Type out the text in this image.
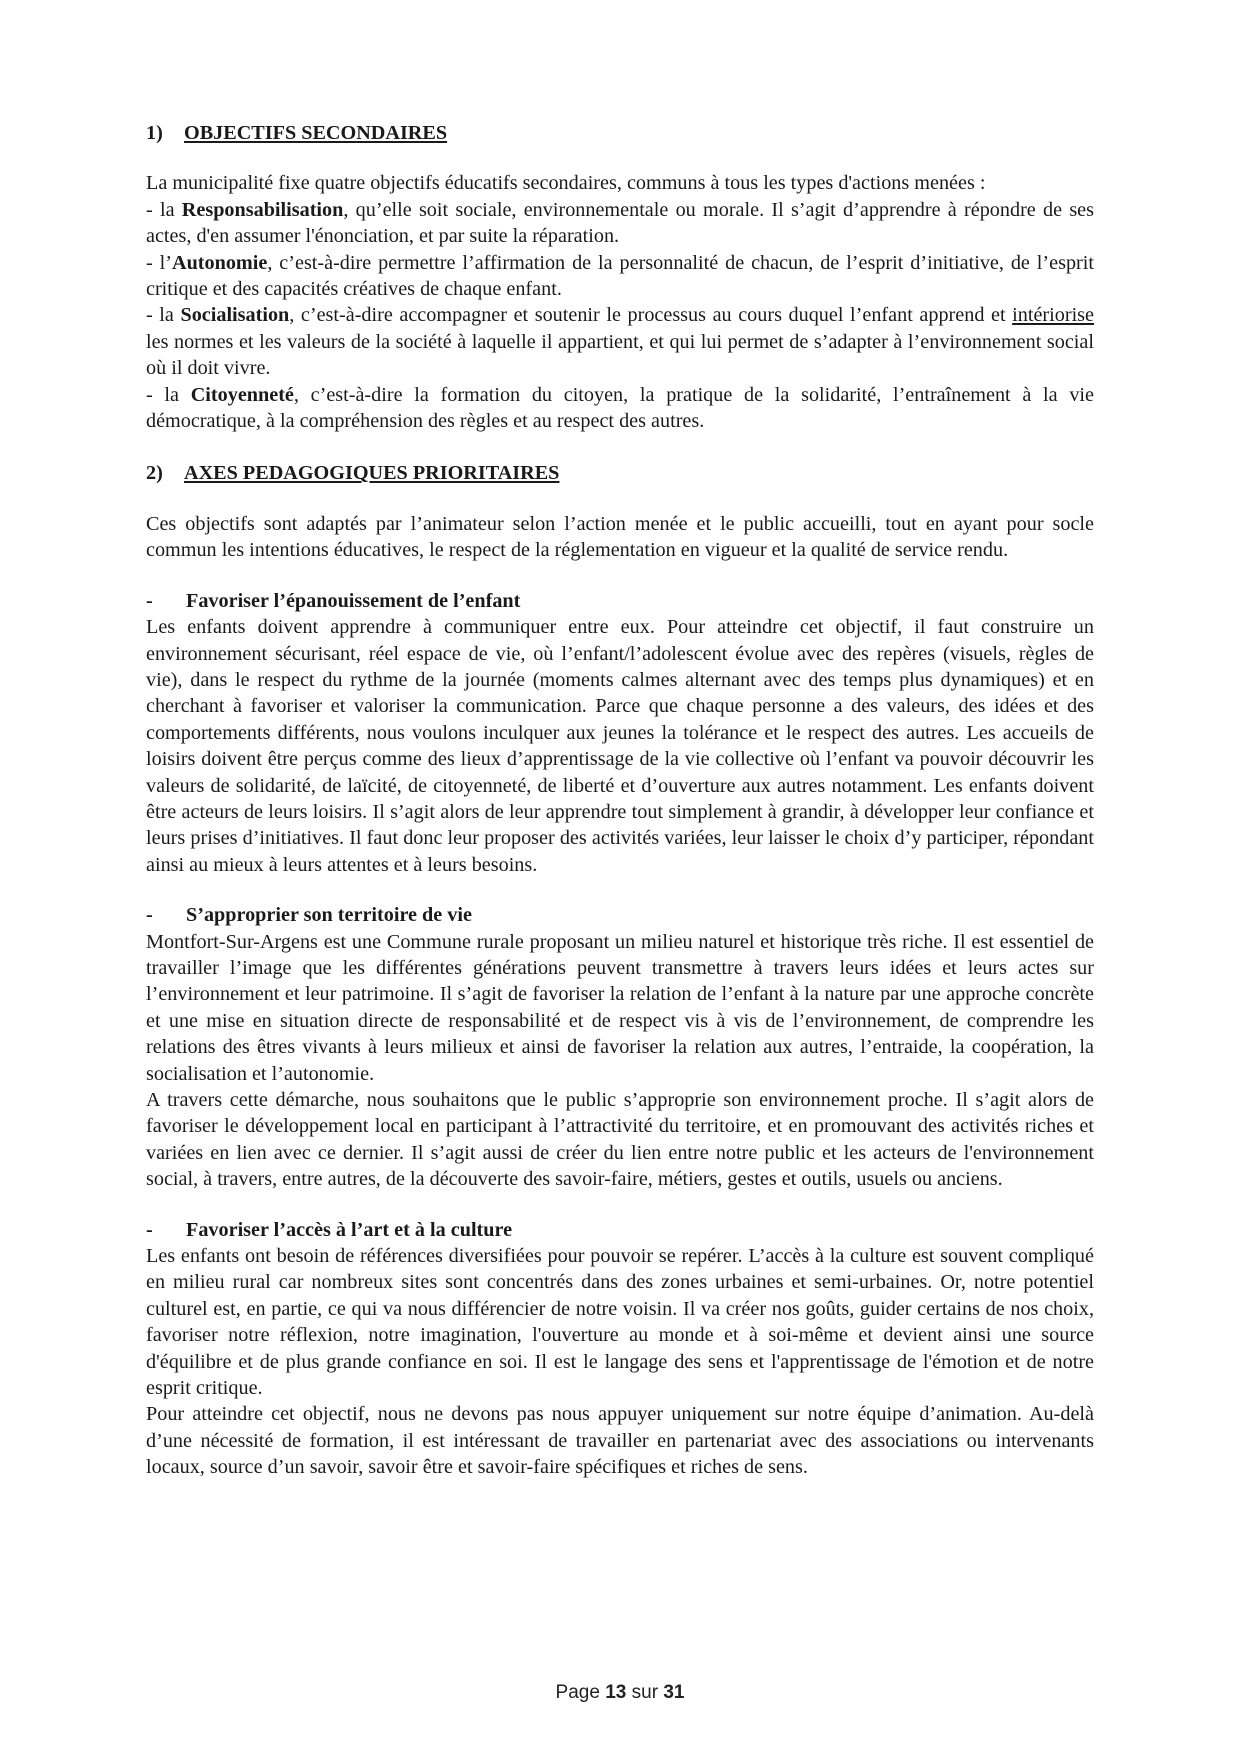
1) OBJECTIFS SECONDAIRES

La municipalité fixe quatre objectifs éducatifs secondaires, communs à tous les types d'actions menées :

- la Responsabilisation, qu’elle soit sociale, environnementale ou morale. Il s’agit d’apprendre à répondre de ses actes, d'en assumer l'énonciation, et par suite la réparation.

- l’Autonomie, c’est-à-dire permettre l’affirmation de la personnalité de chacun, de l’esprit d’initiative, de l’esprit critique et des capacités créatives de chaque enfant.

- la Socialisation, c’est-à-dire accompagner et soutenir le processus au cours duquel l’enfant apprend et intériorise les normes et les valeurs de la société à laquelle il appartient, et qui lui permet de s’adapter à l’environnement social où il doit vivre.

- la Citoyenneté, c’est-à-dire la formation du citoyen, la pratique de la solidarité, l’entraînement à la vie démocratique, à la compréhension des règles et au respect des autres.

2) AXES PEDAGOGIQUES PRIORITAIRES

Ces objectifs sont adaptés par l’animateur selon l’action menée et le public accueilli, tout en ayant pour socle commun les intentions éducatives, le respect de la réglementation en vigueur et la qualité de service rendu.

- Favoriser l’épanouissement de l’enfant

Les enfants doivent apprendre à communiquer entre eux. Pour atteindre cet objectif, il faut construire un environnement sécurisant, réel espace de vie, où l’enfant/l’adolescent évolue avec des repères (visuels, règles de vie), dans le respect du rythme de la journée (moments calmes alternant avec des temps plus dynamiques) et en cherchant à favoriser et valoriser la communication. Parce que chaque personne a des valeurs, des idées et des comportements différents, nous voulons inculquer aux jeunes la tolérance et le respect des autres. Les accueils de loisirs doivent être perçus comme des lieux d’apprentissage de la vie collective où l’enfant va pouvoir découvrir les valeurs de solidarité, de laïcité, de citoyenneté, de liberté et d’ouverture aux autres notamment. Les enfants doivent être acteurs de leurs loisirs. Il s’agit alors de leur apprendre tout simplement à grandir, à développer leur confiance et leurs prises d’initiatives. Il faut donc leur proposer des activités variées, leur laisser le choix d’y participer, répondant ainsi au mieux à leurs attentes et à leurs besoins.

- S’approprier son territoire de vie

Montfort-Sur-Argens est une Commune rurale proposant un milieu naturel et historique très riche. Il est essentiel de travailler l’image que les différentes générations peuvent transmettre à travers leurs idées et leurs actes sur l’environnement et leur patrimoine. Il s’agit de favoriser la relation de l’enfant à la nature par une approche concrète et une mise en situation directe de responsabilité et de respect vis à vis de l’environnement, de comprendre les relations des êtres vivants à leurs milieux et ainsi de favoriser la relation aux autres, l’entraide, la coopération, la socialisation et l’autonomie.

A travers cette démarche, nous souhaitons que le public s’approprie son environnement proche. Il s’agit alors de favoriser le développement local en participant à l’attractivité du territoire, et en promouvant des activités riches et variées en lien avec ce dernier. Il s’agit aussi de créer du lien entre notre public et les acteurs de l'environnement social, à travers, entre autres, de la découverte des savoir-faire, métiers, gestes et outils, usuels ou anciens.

- Favoriser l’accès à l’art et à la culture

Les enfants ont besoin de références diversifiées pour pouvoir se repérer. L’accès à la culture est souvent compliqué en milieu rural car nombreux sites sont concentrés dans des zones urbaines et semi-urbaines. Or, notre potentiel culturel est, en partie, ce qui va nous différencier de notre voisin. Il va créer nos goûts, guider certains de nos choix, favoriser notre réflexion, notre imagination, l'ouverture au monde et à soi-même et devient ainsi une source d'équilibre et de plus grande confiance en soi. Il est le langage des sens et l'apprentissage de l'émotion et de notre esprit critique.

Pour atteindre cet objectif, nous ne devons pas nous appuyer uniquement sur notre équipe d’animation. Au-delà d’une nécessité de formation, il est intéressant de travailler en partenariat avec des associations ou intervenants locaux, source d’un savoir, savoir être et savoir-faire spécifiques et riches de sens.

Page 13 sur 31
